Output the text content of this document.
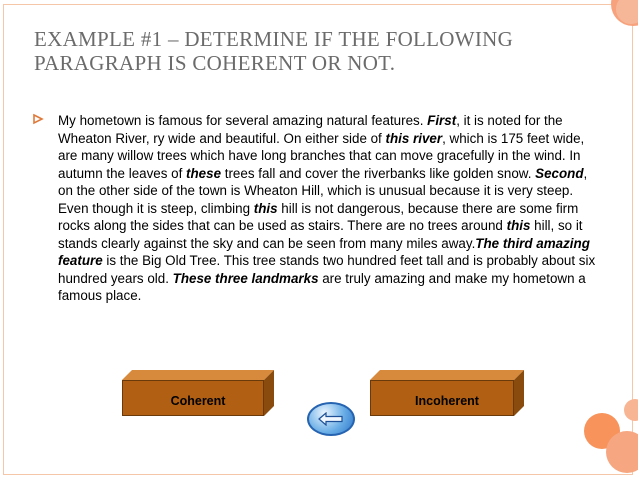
EXAMPLE #1 – DETERMINE IF THE FOLLOWING PARAGRAPH IS COHERENT OR NOT.
My hometown is famous for several amazing natural features. First, it is noted for the Wheaton River, ry wide and beautiful. On either side of this river, which is 175 feet wide, are many willow trees which have long branches that can move gracefully in the wind. In autumn the leaves of these trees fall and cover the riverbanks like golden snow. Second, on the other side of the town is Wheaton Hill, which is unusual because it is very steep. Even though it is steep, climbing this hill is not dangerous, because there are some firm rocks along the sides that can be used as stairs. There are no trees around this hill, so it stands clearly against the sky and can be seen from many miles away.The third amazing feature is the Big Old Tree. This tree stands two hundred feet tall and is probably about six hundred years old. These three landmarks are truly amazing and make my hometown a famous place.
Coherent	Incoherent
